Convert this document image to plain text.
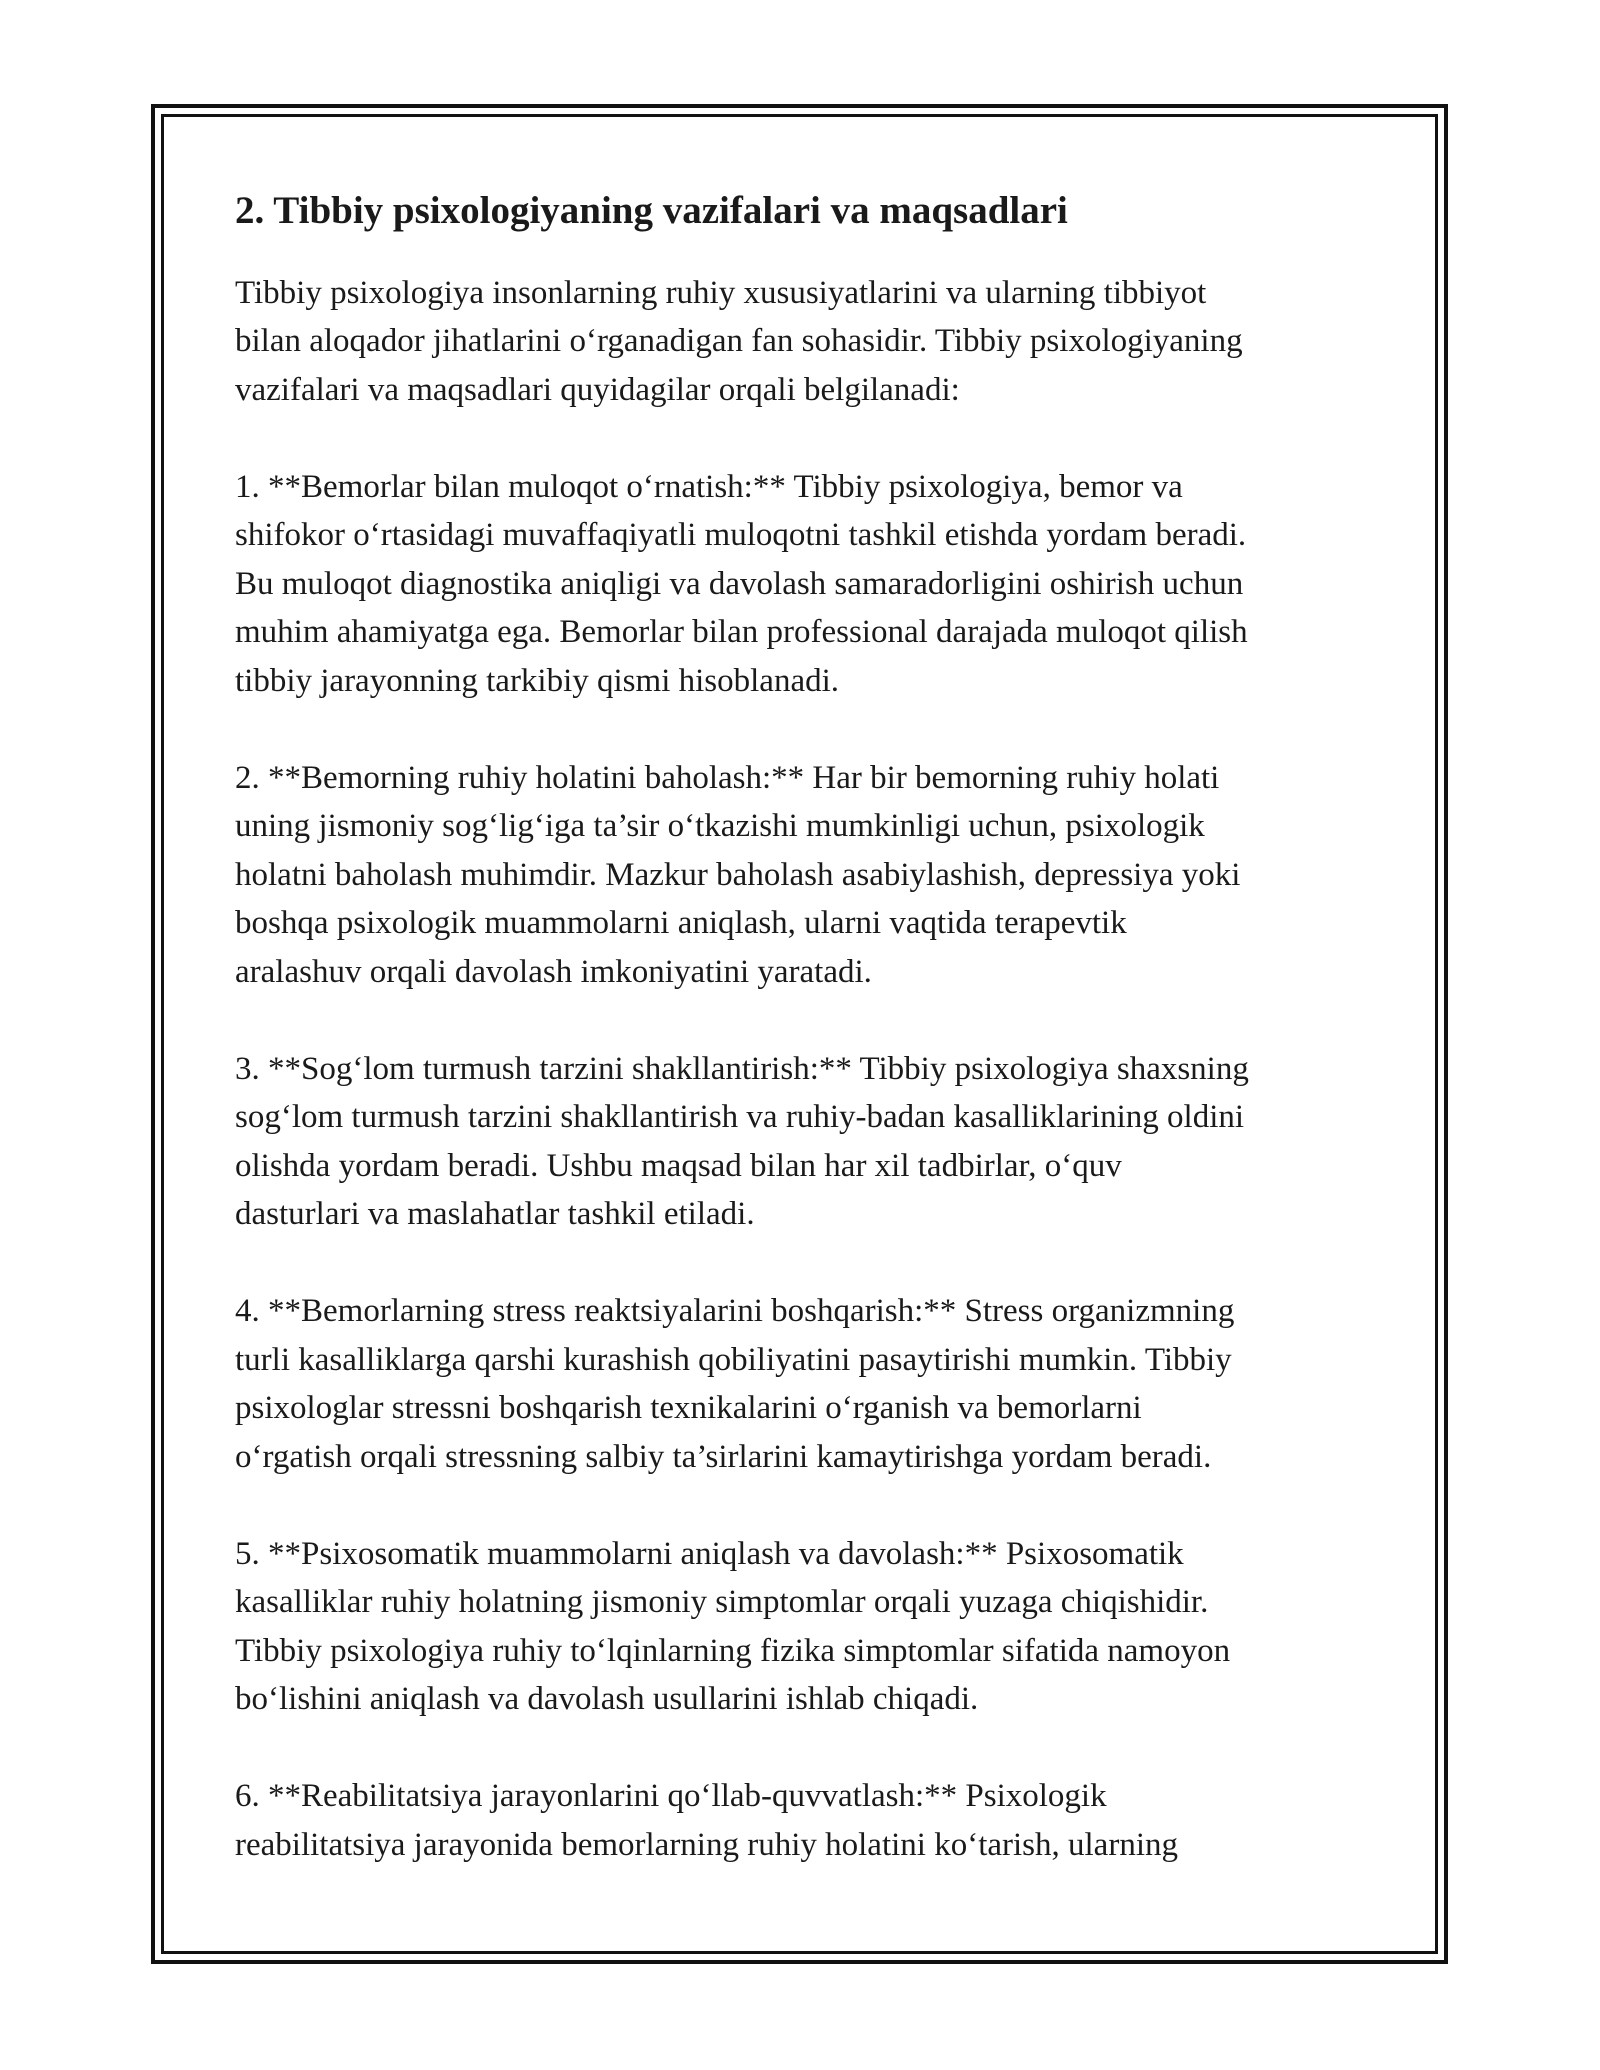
2. Tibbiy psixologiyaning vazifalari va maqsadlari
Tibbiy psixologiya insonlarning ruhiy xususiyatlarini va ularning tibbiyot
bilan aloqador jihatlarini o‘rganadigan fan sohasidir. Tibbiy psixologiyaning
vazifalari va maqsadlari quyidagilar orqali belgilanadi:
1. **Bemorlar bilan muloqot o‘rnatish:** Tibbiy psixologiya, bemor va
shifokor o‘rtasidagi muvaffaqiyatli muloqotni tashkil etishda yordam beradi.
Bu muloqot diagnostika aniqligi va davolash samaradorligini oshirish uchun
muhim ahamiyatga ega. Bemorlar bilan professional darajada muloqot qilish
tibbiy jarayonning tarkibiy qismi hisoblanadi.
2. **Bemorning ruhiy holatini baholash:** Har bir bemorning ruhiy holati
uning jismoniy sog‘lig‘iga ta’sir o‘tkazishi mumkinligi uchun, psixologik
holatni baholash muhimdir. Mazkur baholash asabiylashish, depressiya yoki
boshqa psixologik muammolarni aniqlash, ularni vaqtida terapevtik
aralashuv orqali davolash imkoniyatini yaratadi.
3. **Sog‘lom turmush tarzini shakllantirish:** Tibbiy psixologiya shaxsning
sog‘lom turmush tarzini shakllantirish va ruhiy-badan kasalliklarining oldini
olishda yordam beradi. Ushbu maqsad bilan har xil tadbirlar, o‘quv
dasturlari va maslahatlar tashkil etiladi.
4. **Bemorlarning stress reaktsiyalarini boshqarish:** Stress organizmning
turli kasalliklarga qarshi kurashish qobiliyatini pasaytirishi mumkin. Tibbiy
psixologlar stressni boshqarish texnikalarini o‘rganish va bemorlarni
o‘rgatish orqali stressning salbiy ta’sirlarini kamaytirishga yordam beradi.
5. **Psixosomatik muammolarni aniqlash va davolash:** Psixosomatik
kasalliklar ruhiy holatning jismoniy simptomlar orqali yuzaga chiqishidir.
Tibbiy psixologiya ruhiy to‘lqinlarning fizika simptomlar sifatida namoyon
bo‘lishini aniqlash va davolash usullarini ishlab chiqadi.
6. **Reabilitatsiya jarayonlarini qo‘llab-quvvatlash:** Psixologik
reabilitatsiya jarayonida bemorlarning ruhiy holatini ko‘tarish, ularning
